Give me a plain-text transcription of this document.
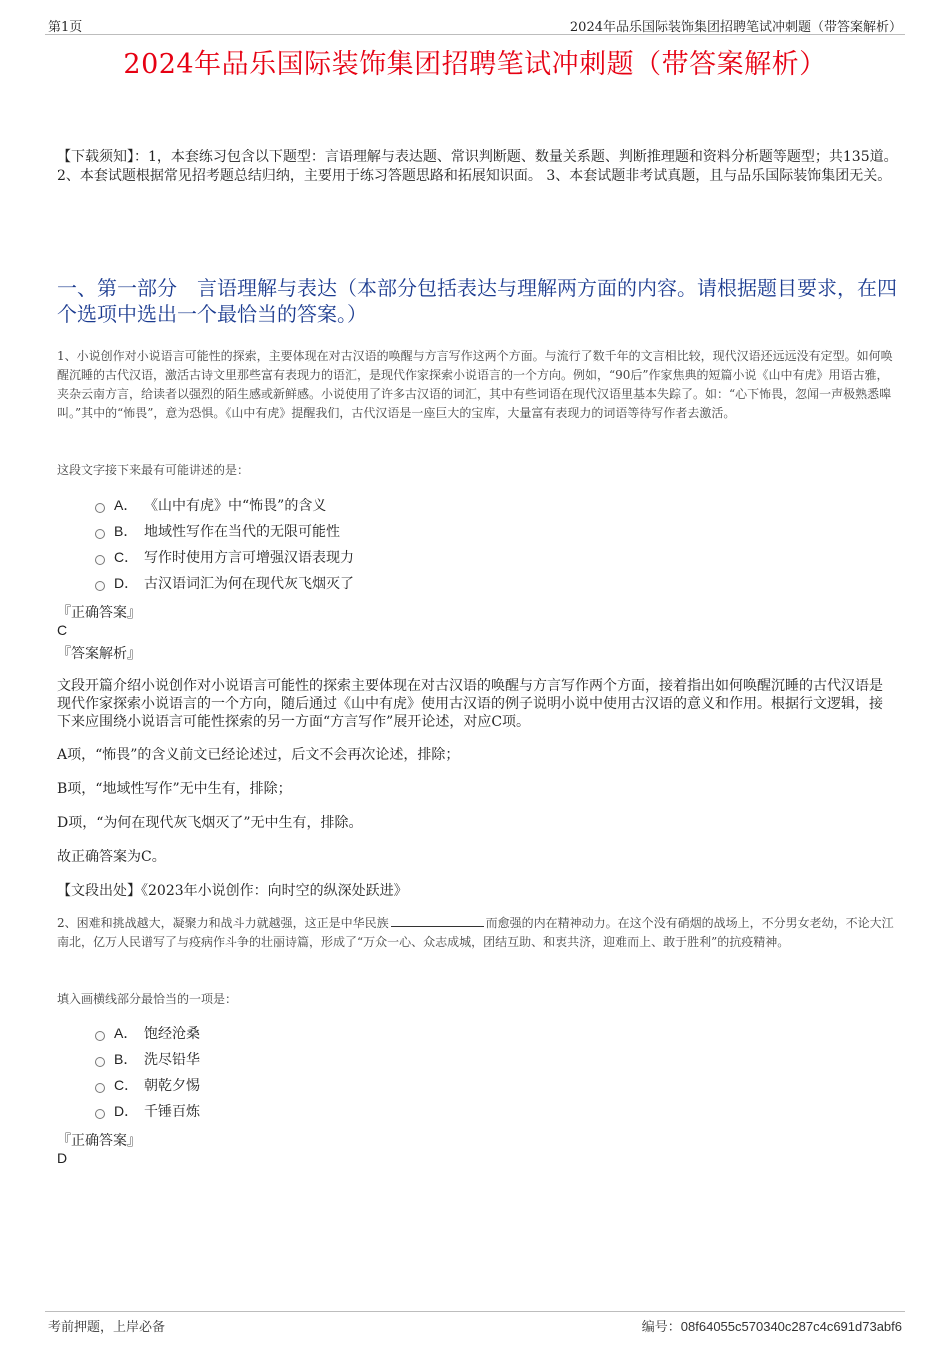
第1页	2024年品乐国际装饰集团招聘笔试冲刺题（带答案解析）
2024年品乐国际装饰集团招聘笔试冲刺题（带答案解析）
【下载须知】：1，本套练习包含以下题型：言语理解与表达题、常识判断题、数量关系题、判断推理题和资料分析题等题型；共135道。 2、本套试题根据常见招考题总结归纳，主要用于练习答题思路和拓展知识面。 3、本套试题非考试真题，且与品乐国际装饰集团无关。
一、第一部分　言语理解与表达（本部分包括表达与理解两方面的内容。请根据题目要求，在四个选项中选出一个最恰当的答案。）
1、小说创作对小说语言可能性的探索，主要体现在对古汉语的唤醒与方言写作这两个方面。与流行了数千年的文言相比较，现代汉语还远远没有定型。如何唤醒沉睡的古代汉语，激活古诗文里那些富有表现力的语汇，是现代作家探索小说语言的一个方向。例如，“90后”作家焦典的短篇小说《山中有虎》用语古雅，夹杂云南方言，给读者以强烈的陌生感或新鲜感。小说使用了许多古汉语的词汇，其中有些词语在现代汉语里基本失踪了。如：“心下怖畏，忽闻一声极熟悉嗥叫。”其中的“怖畏”，意为恐惧。《山中有虎》提醒我们，古代汉语是一座巨大的宝库，大量富有表现力的词语等待写作者去激活。
这段文字接下来最有可能讲述的是：
A． 《山中有虎》中“怖畏”的含义
B． 地域性写作在当代的无限可能性
C． 写作时使用方言可增强汉语表现力
D． 古汉语词汇为何在现代灰飞烟灭了
『正确答案』
C
『答案解析』
文段开篇介绍小说创作对小说语言可能性的探索主要体现在对古汉语的唤醒与方言写作两个方面，接着指出如何唤醒沉睡的古代汉语是现代作家探索小说语言的一个方向，随后通过《山中有虎》使用古汉语的例子说明小说中使用古汉语的意义和作用。根据行文逻辑，接下来应围绕小说语言可能性探索的另一方面“方言写作”展开论述，对应C项。
A项，“怖畏”的含义前文已经论述过，后文不会再次论述，排除；
B项，“地域性写作”无中生有，排除；
D项，“为何在现代灰飞烟灭了”无中生有，排除。
故正确答案为C。
【文段出处】《2023年小说创作：向时空的纵深处跃进》
2、困难和挑战越大，凝聚力和战斗力就越强，这正是中华民族	而愈强的内在精神动力。在这个没有硝烟的战场上，不分男女老幼，不论大江南北，亿万人民谱写了与疫病作斗争的壮丽诗篇，形成了“万众一心、众志成城，团结互助、和衷共济，迎难而上、敢于胜利”的抗疫精神。
填入画横线部分最恰当的一项是：
A． 饱经沧桑
B． 洗尽铅华
C． 朝乾夕惕
D． 千锤百炼
『正确答案』
D
考前押题，上岸必备	编号：08f64055c570340c287c4c691d73abf6
